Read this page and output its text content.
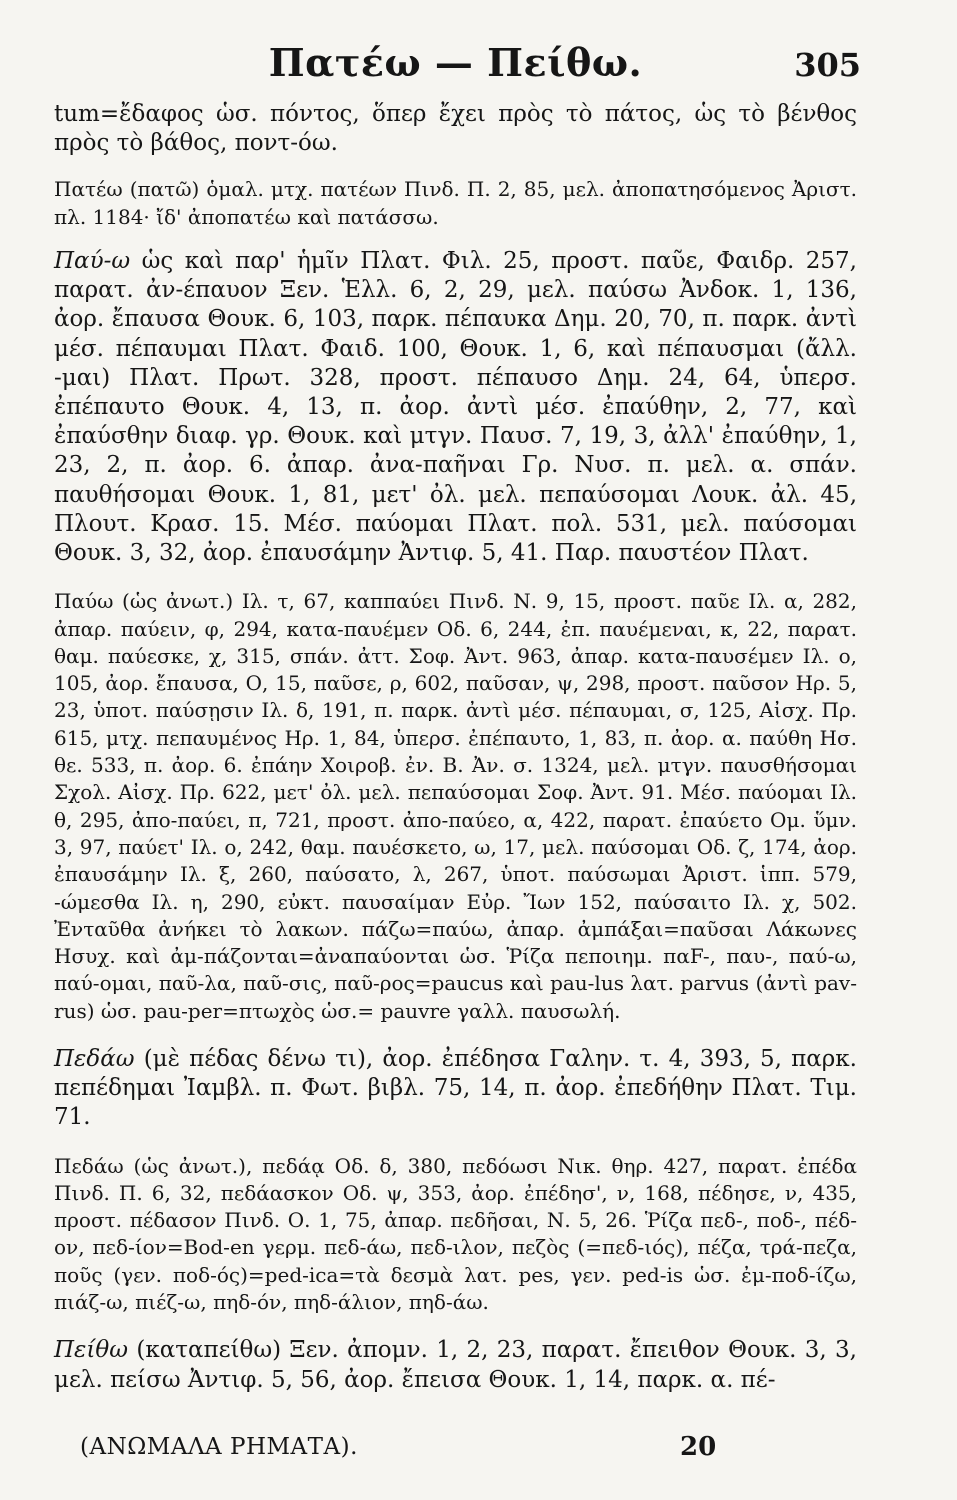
Πατέω — Πείθω.	305

tum=ἔδαφος ὡσ. πόντος, ὅπερ ἔχει πρὸς τὸ πάτος, ὡς τὸ βένθος πρὸς τὸ βάθος, ποντ-όω.

Πατέω (πατῶ) ὁμαλ. μτχ. πατέων Πινδ. Π. 2, 85, μελ. ἀποπατησόμενος Ἀριστ. πλ. 1184· ἴδ' ἀποπατέω καὶ πατάσσω.

Παύ-ω ὡς καὶ παρ' ἡμῖν Πλατ. Φιλ. 25, προστ. παῦε, Φαιδρ. 257, παρατ. ἀν-έπαυον Ξεν. Ἑλλ. 6, 2, 29, μελ. παύσω Ἀνδοκ. 1, 136, ἀορ. ἔπαυσα Θουκ. 6, 103, παρκ. πέπαυκα Δημ. 20, 70, π. παρκ. ἀντὶ μέσ. πέπαυμαι Πλατ. Φαιδ. 100, Θουκ. 1, 6, καὶ πέπαυσμαι (ἄλλ. -μαι) Πλατ. Πρωτ. 328, προστ. πέπαυσο Δημ. 24, 64, ὑπερσ. ἐπέπαυτο Θουκ. 4, 13, π. ἀορ. ἀντὶ μέσ. ἐπαύθην, 2, 77, καὶ ἐπαύσθην διαφ. γρ. Θουκ. καὶ μτγν. Παυσ. 7, 19, 3, ἀλλ' ἐπαύθην, 1, 23, 2, π. ἀορ. 6. ἀπαρ. ἀνα-παῆναι Γρ. Νυσ. π. μελ. α. σπάν. παυθήσομαι Θουκ. 1, 81, μετ' ὀλ. μελ. πεπαύσομαι Λουκ. ἀλ. 45, Πλουτ. Κρασ. 15. Μέσ. παύομαι Πλατ. πολ. 531, μελ. παύσομαι Θουκ. 3, 32, ἀορ. ἐπαυσάμην Ἀντιφ. 5, 41. Παρ. παυστέον Πλατ.

Παύω (ὡς ἀνωτ.) Ιλ. τ, 67, καππαύει Πινδ. Ν. 9, 15, προστ. παῦε Ιλ. α, 282, ἀπαρ. παύειν, φ, 294, κατα-παυέμεν Οδ. 6, 244, ἐπ. παυέμεναι, κ, 22, παρατ. θαμ. παύεσκε, χ, 315, σπάν. ἀττ. Σοφ. Ἀντ. 963, ἀπαρ. κατα-παυσέμεν Ιλ. ο, 105, ἀορ. ἔπαυσα, Ο, 15, παῦσε, ρ, 602, παῦσαν, ψ, 298, προστ. παῦσον Ηρ. 5, 23, ὑποτ. παύσῃσιν Ιλ. δ, 191, π. παρκ. ἀντὶ μέσ. πέπαυμαι, σ, 125, Αἰσχ. Πρ. 615, μτχ. πεπαυμένος Ηρ. 1, 84, ὑπερσ. ἐπέπαυτο, 1, 83, π. ἀορ. α. παύθη Ησ. θε. 533, π. ἀορ. 6. ἐπάην Χοιροβ. ἐν. Β. Ἀν. σ. 1324, μελ. μτγν. παυσθήσομαι Σχολ. Αἰσχ. Πρ. 622, μετ' ὀλ. μελ. πεπαύσομαι Σοφ. Ἀντ. 91. Μέσ. παύομαι Ιλ. θ, 295, ἀπο-παύει, π, 721, προστ. ἀπο-παύεο, α, 422, παρατ. ἐπαύετο Ομ. ὕμν. 3, 97, παύετ' Ιλ. ο, 242, θαμ. παυέσκετο, ω, 17, μελ. παύσομαι Οδ. ζ, 174, ἀορ. ἐπαυσάμην Ιλ. ξ, 260, παύσατο, λ, 267, ὑποτ. παύσωμαι Ἀριστ. ἱππ. 579, -ώμεσθα Ιλ. η, 290, εὐκτ. παυσαίμαν Εὐρ. Ἴων 152, παύσαιτο Ιλ. χ, 502. Ἐνταῦθα ἀνήκει τὸ λακων. πάζω=παύω, ἀπαρ. ἀμπάξαι=παῦσαι Λάκωνες Ησυχ. καὶ ἀμ-πάζονται=ἀναπαύονται ὡσ. Ῥίζα πεποιημ. παF-, παυ-, παύ-ω, παύ-ομαι, παῦ-λα, παῦ-σις, παῦ-ρος=paucus καὶ pau-lus λατ. parvus (ἀντὶ pav-rus) ὡσ. pau-per=πτωχὸς ὡσ.= pauvre γαλλ. παυσωλή.

Πεδάω (μὲ πέδας δένω τι), ἀορ. ἐπέδησα Γαλην. τ. 4, 393, 5, παρκ. πεπέδημαι Ἰαμβλ. π. Φωτ. βιβλ. 75, 14, π. ἀορ. ἐπεδήθην Πλατ. Τιμ. 71.

Πεδάω (ὡς ἀνωτ.), πεδάᾳ Οδ. δ, 380, πεδόωσι Νικ. θηρ. 427, παρατ. ἐπέδα Πινδ. Π. 6, 32, πεδάασκον Οδ. ψ, 353, ἀορ. ἐπέδησ', ν, 168, πέδησε, ν, 435, προστ. πέδασον Πινδ. Ο. 1, 75, ἀπαρ. πεδῆσαι, Ν. 5, 26. Ῥίζα πεδ-, ποδ-, πέδ-ον, πεδ-ίον=Bod-en γερμ. πεδ-άω, πεδ-ιλον, πεζὸς (=πεδ-ιός), πέζα, τρά-πεζα, ποῦς (γεν. ποδ-ός)=ped-ica=τὰ δεσμὰ λατ. pes, γεν. ped-is ὡσ. ἐμ-ποδ-ίζω, πιάζ-ω, πιέζ-ω, πηδ-όν, πηδ-άλιον, πηδ-άω.

Πείθω (καταπείθω) Ξεν. ἀπομν. 1, 2, 23, παρατ. ἔπειθον Θουκ. 3, 3, μελ. πείσω Ἀντιφ. 5, 56, ἀορ. ἔπεισα Θουκ. 1, 14, παρκ. α. πέ-

(ΑΝΩΜΑΛΑ ΡΗΜΑΤΑ).	20
